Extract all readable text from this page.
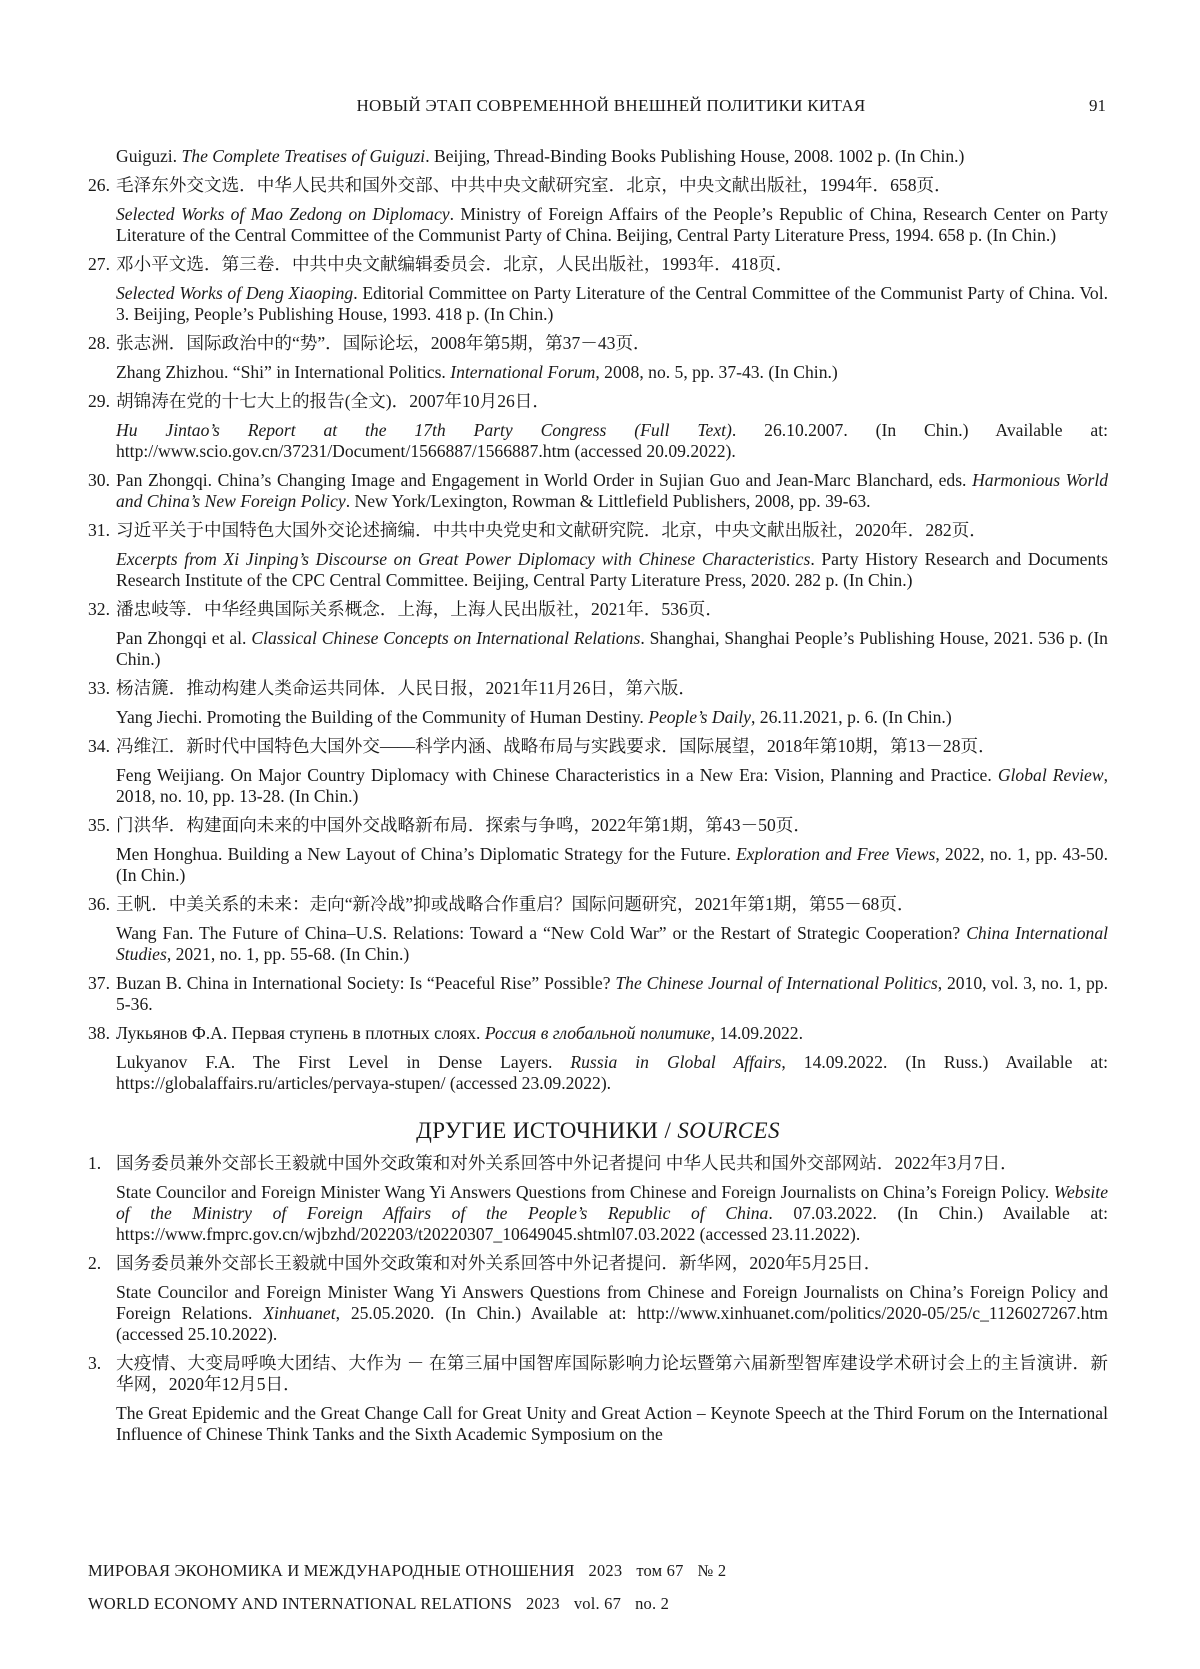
НОВЫЙ ЭТАП СОВРЕМЕННОЙ ВНЕШНЕЙ ПОЛИТИКИ КИТАЯ	91
Guiguzi. The Complete Treatises of Guiguzi. Beijing, Thread-Binding Books Publishing House, 2008. 1002 p. (In Chin.)
26. 毛泽东外交文选．中华人民共和国外交部、中共中央文献研究室．北京，中央文献出版社，1994年．658页．

Selected Works of Mao Zedong on Diplomacy. Ministry of Foreign Affairs of the People’s Republic of China, Research Center on Party Literature of the Central Committee of the Communist Party of China. Beijing, Central Party Literature Press, 1994. 658 p. (In Chin.)

27. 邓小平文选．第三卷．中共中央文献编辑委员会．北京，人民出版社，1993年．418页．

Selected Works of Deng Xiaoping. Editorial Committee on Party Literature of the Central Committee of the Communist Party of China. Vol. 3. Beijing, People’s Publishing House, 1993. 418 p. (In Chin.)

28. 张志洲．国际政治中的“势”．国际论坛，2008年第5期，第37－43页．

Zhang Zhizhou. “Shi” in International Politics. International Forum, 2008, no. 5, pp. 37-43. (In Chin.)

29. 胡锦涛在党的十七大上的报告(全文)．2007年10月26日．

Hu Jintao’s Report at the 17th Party Congress (Full Text). 26.10.2007. (In Chin.) Available at: http://www.scio.gov.cn/37231/Document/1566887/1566887.htm (accessed 20.09.2022).

30. Pan Zhongqi. China’s Changing Image and Engagement in World Order in Sujian Guo and Jean-Marc Blanchard, eds. Harmonious World and China’s New Foreign Policy. New York/Lexington, Rowman & Littlefield Publishers, 2008, pp. 39-63.

31. 习近平关于中国特色大国外交论述摘编．中共中央党史和文献研究院．北京，中央文献出版社，2020年．282页．

Excerpts from Xi Jinping’s Discourse on Great Power Diplomacy with Chinese Characteristics. Party History Research and Documents Research Institute of the CPC Central Committee. Beijing, Central Party Literature Press, 2020. 282 p. (In Chin.)

32. 潘忠岐等．中华经典国际关系概念．上海，上海人民出版社，2021年．536页．

Pan Zhongqi et al. Classical Chinese Concepts on International Relations. Shanghai, Shanghai People’s Publishing House, 2021. 536 p. (In Chin.)

33. 杨洁篪．推动构建人类命运共同体．人民日报，2021年11月26日，第六版．

Yang Jiechi. Promoting the Building of the Community of Human Destiny. People’s Daily, 26.11.2021, p. 6. (In Chin.)

34. 冯维江．新时代中国特色大国外交——科学内涵、战略布局与实践要求．国际展望，2018年第10期，第13－28页．

Feng Weijiang. On Major Country Diplomacy with Chinese Characteristics in a New Era: Vision, Planning and Practice. Global Review, 2018, no. 10, pp. 13-28. (In Chin.)

35. 门洪华．构建面向未来的中国外交战略新布局．探索与争鸣，2022年第1期，第43－50页．

Men Honghua. Building a New Layout of China’s Diplomatic Strategy for the Future. Exploration and Free Views, 2022, no. 1, pp. 43-50. (In Chin.)

36. 王帆．中美关系的未来：走向“新冷战”抑或战略合作重启？国际问题研究，2021年第1期，第55－68页．

Wang Fan. The Future of China–U.S. Relations: Toward a “New Cold War” or the Restart of Strategic Cooperation? China International Studies, 2021, no. 1, pp. 55-68. (In Chin.)

37. Buzan B. China in International Society: Is “Peaceful Rise” Possible? The Chinese Journal of International Politics, 2010, vol. 3, no. 1, pp. 5-36.

38. Лукьянов Ф.А. Первая ступень в плотных слоях. Россия в глобальной политике, 14.09.2022.

Lukyanov F.A. The First Level in Dense Layers. Russia in Global Affairs, 14.09.2022. (In Russ.) Available at: https://globalaffairs.ru/articles/pervaya-stupen/ (accessed 23.09.2022).

ДРУГИЕ ИСТОЧНИКИ / SOURCES
1. 国务委员兼外交部长王毅就中国外交政策和对外关系回答中外记者提问 中华人民共和国外交部网站．2022年3月7日．

State Councilor and Foreign Minister Wang Yi Answers Questions from Chinese and Foreign Journalists on China’s Foreign Policy. Website of the Ministry of Foreign Affairs of the People’s Republic of China. 07.03.2022. (In Chin.) Available at: https://www.fmprc.gov.cn/wjbzhd/202203/t20220307_10649045.shtml07.03.2022 (accessed 23.11.2022).

2. 国务委员兼外交部长王毅就中国外交政策和对外关系回答中外记者提问．新华网，2020年5月25日．

State Councilor and Foreign Minister Wang Yi Answers Questions from Chinese and Foreign Journalists on China’s Foreign Policy and Foreign Relations. Xinhuanet, 25.05.2020. (In Chin.) Available at: http://www.xinhuanet.com/politics/2020-05/25/c_1126027267.htm (accessed 25.10.2022).

3. 大疫情、大变局呼唤大团结、大作为 － 在第三届中国智库国际影响力论坛暨第六届新型智库建设学术研讨会上的主旨演讲．新华网，2020年12月5日．

The Great Epidemic and the Great Change Call for Great Unity and Great Action – Keynote Speech at the Third Forum on the International Influence of Chinese Think Tanks and the Sixth Academic Symposium on the

МИРОВАЯ ЭКОНОМИКА И МЕЖДУНАРОДНЫЕ ОТНОШЕНИЯ 2023 том 67 № 2
WORLD ECONOMY AND INTERNATIONAL RELATIONS 2023 vol. 67 no. 2
